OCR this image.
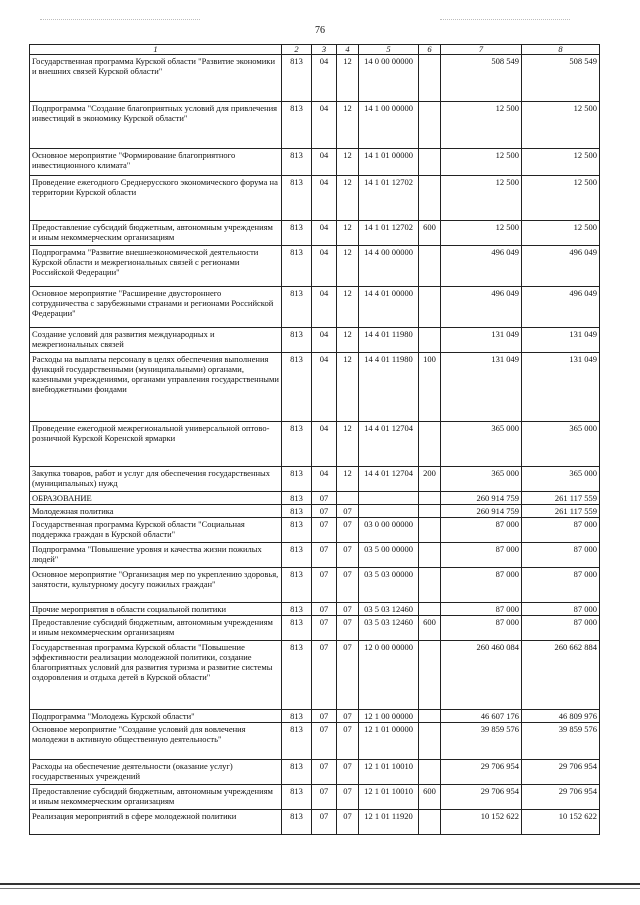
76
1	2	3	4	5	6	7	8
Государственная программа Курской области "Развитие экономики и внешних связей Курской области"	813	04	12	14 0 00 00000		508 549	508 549
Подпрограмма "Создание благоприятных условий для привлечения инвестиций в экономику Курской области"	813	04	12	14 1 00 00000		12 500	12 500
Основное мероприятие "Формирование благоприятного инвестиционного климата"	813	04	12	14 1 01 00000		12 500	12 500
Проведение ежегодного Среднерусского экономического форума на территории Курской области	813	04	12	14 1 01 12702		12 500	12 500
Предоставление субсидий бюджетным, автономным учреждениям и иным некоммерческим организациям	813	04	12	14 1 01 12702	600	12 500	12 500
Подпрограмма "Развитие внешнеэкономической деятельности Курской области и межрегиональных связей с регионами Российской Федерации"	813	04	12	14 4 00 00000		496 049	496 049
Основное мероприятие "Расширение двустороннего сотрудничества с зарубежными странами и регионами Российской Федерации"	813	04	12	14 4 01 00000		496 049	496 049
Создание условий для развития международных и межрегиональных связей	813	04	12	14 4 01 11980		131 049	131 049
Расходы на выплаты персоналу в целях обеспечения выполнения функций государственными (муниципальными) органами, казенными учреждениями, органами управления государственными внебюджетными фондами	813	04	12	14 4 01 11980	100	131 049	131 049
Проведение ежегодной межрегиональной универсальной оптово-розничной Курской Коренской ярмарки	813	04	12	14 4 01 12704		365 000	365 000
Закупка товаров, работ и услуг для обеспечения государственных (муниципальных) нужд	813	04	12	14 4 01 12704	200	365 000	365 000
ОБРАЗОВАНИЕ	813	07				260 914 759	261 117 559
Молодежная политика	813	07	07			260 914 759	261 117 559
Государственная программа Курской области "Социальная поддержка граждан в Курской области"	813	07	07	03 0 00 00000		87 000	87 000
Подпрограмма "Повышение уровня и качества жизни пожилых людей"	813	07	07	03 5 00 00000		87 000	87 000
Основное мероприятие "Организация мер по укреплению здоровья, занятости, культурному досугу пожилых граждан"	813	07	07	03 5 03 00000		87 000	87 000
Прочие мероприятия в области социальной политики	813	07	07	03 5 03 12460		87 000	87 000
Предоставление субсидий бюджетным, автономным учреждениям и иным некоммерческим организациям	813	07	07	03 5 03 12460	600	87 000	87 000
Государственная программа Курской области "Повышение эффективности реализации молодежной политики, создание благоприятных условий для развития туризма и развитие системы оздоровления и отдыха детей в Курской области"	813	07	07	12 0 00 00000		260 460 084	260 662 884
Подпрограмма "Молодежь Курской области"	813	07	07	12 1 00 00000		46 607 176	46 809 976
Основное мероприятие "Создание условий для вовлечения молодежи в активную общественную деятельность"	813	07	07	12 1 01 00000		39 859 576	39 859 576
Расходы на обеспечение деятельности (оказание услуг) государственных учреждений	813	07	07	12 1 01 10010		29 706 954	29 706 954
Предоставление субсидий бюджетным, автономным учреждениям и иным некоммерческим организациям	813	07	07	12 1 01 10010	600	29 706 954	29 706 954
Реализация мероприятий в сфере молодежной политики	813	07	07	12 1 01 11920		10 152 622	10 152 622
